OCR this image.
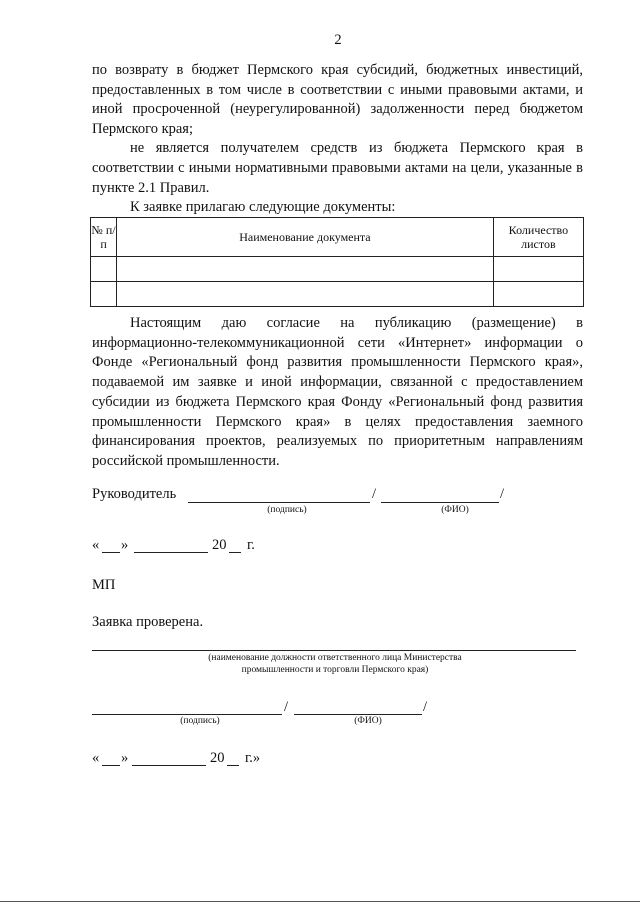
2

по возврату в бюджет Пермского края субсидий, бюджетных инвестиций, предоставленных в том числе в соответствии с иными правовыми актами, и иной просроченной (неурегулированной) задолженности перед бюджетом Пермского края;

не является получателем средств из бюджета Пермского края в соответствии с иными нормативными правовыми актами на цели, указанные в пункте 2.1 Правил.

К заявке прилагаю следующие документы:

№ п/п	Наименование документа	Количество листов

Настоящим даю согласие на публикацию (размещение) в информационно-телекоммуникационной сети «Интернет» информации о Фонде «Региональный фонд развития промышленности Пермского края», подаваемой им заявке и иной информации, связанной с предоставлением субсидии из бюджета Пермского края Фонду «Региональный фонд развития промышленности Пермского края» в целях предоставления заемного финансирования проектов, реализуемых по приоритетным направлениям российской промышленности.

Руководитель	/	/
(подпись)	(ФИО)
« »	20 г.
МП
Заявка проверена.
(наименование должности ответственного лица Министерства промышленности и торговли Пермского края)
/	/
(подпись)	(ФИО)
« »	20 г.»
